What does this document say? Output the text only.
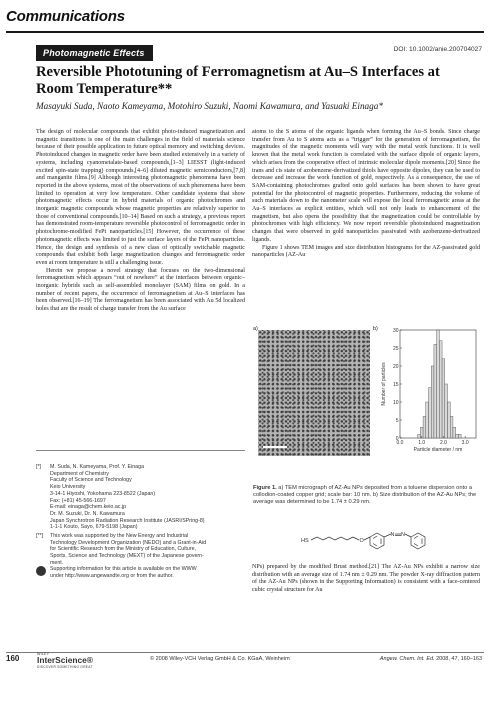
Communications
Photomagnetic Effects	DOI: 10.1002/anie.200704027
Reversible Phototuning of Ferromagnetism at Au–S Interfaces at
Room Temperature**
Masayuki Suda, Naoto Kameyama, Motohiro Suzuki, Naomi Kawamura, and Yasuaki Einaga*

The design of molecular compounds that exhibit photo-induced magnetization and magnetic transitions is one of the main challenges in the field of materials science because of their possible application to future optical memory and switching devices. Photoinduced changes in magnetic order have been studied extensively in a variety of systems, including cyanometalate-based compounds,[1–3] LIESST (light-induced excited spin-state trapping) compounds,[4–6] diluted magnetic semiconductors,[7,8] and manganite films.[9] Although interesting photomagnetic phenomena have been reported in the above systems, most of the observations of such phenomena have been limited to operation at very low temperature. Other candidate systems that show photomagnetic effects occur in hybrid materials of organic photochromes and inorganic magnetic compounds whose magnetic properties are relatively superior to those of conventional compounds.[10–14] Based on such a strategy, a previous report has demonstrated room-temperature reversible photocontrol of ferromagnetic order in photochrome-modified FePt nanoparticles.[15] However, the occurrence of these photomagnetic effects was limited to just the surface layers of the FePt nanoparticles. Hence, the design and synthesis of a new class of optically switchable magnetic compounds that exhibit both large magnetization changes and ferromagnetic order even at room temperature is still a challenging issue.

Herein we propose a novel strategy that focuses on the two-dimensional ferromagnetism which appears “out of nowhere” at the interfaces between organic–inorganic hybrids such as self-assembled monolayer (SAM) films on gold. In a number of recent papers, the occurrence of ferromagnetism at Au–S interfaces has been observed.[16–19] The ferromagnetism has been associated with Au 5d localized holes that are the result of charge transfer from the Au surface

atoms to the S atoms of the organic ligands when forming the Au–S bonds. Since charge transfer from Au to S atoms acts as a “trigger” for the generation of ferromagnetism, the magnitudes of the magnetic moments will vary with the metal work functions. It is well known that the metal work function is correlated with the surface dipole of organic layers, which arises from the cooperative effect of intrinsic molecular dipole moments.[20] Since the trans and cis state of azobenzene-derivatized thiols have opposite dipoles, they can be used to decrease and increase the work function of gold, respectively. As a consequence, the use of SAM-containing photochromes grafted onto gold surfaces has been shown to have great potential for the photocontrol of magnetic properties. Furthermore, reducing the volume of such materials down to the nanometer scale will expose the local ferromagnetic areas at the Au–S interfaces as explicit entities, which will not only leads to enhancement of the magnetism, but also opens the possibility that the magnetization could be controllable by photochromes with high efficiency. We now report reversible photoinduced magnetization changes that were observed in gold nanoparticles passivated with azobenzene-derivatized ligands.

Figure 1 shows TEM images and size distribution histograms for the AZ-passivated gold nanoparticles (AZ-Au

a)	b)
0
5
10
15
20
25
30
0.0	1.0	2.0	3.0
Particle diameter / nm
Number of particles
Figure 1. a) TEM micrograph of AZ-Au NPs deposited from a toluene dispersion onto a collodion-coated copper grid; scale bar: 10 nm. b) Size distribution of the AZ-Au NPs; the average was determined to be 1.74 ± 0.29 nm.
HS	O
N N

NPs) prepared by the modified Brust method.[21] The AZ-Au NPs exhibit a narrow size distribution with an average size of 1.74 nm ± 0.29 nm. The powder X-ray diffraction pattern of the AZ-Au NPs (shown in the Supporting Information) is consistent with a face-centered cubic crystal structure for Au

[*] M. Suda, N. Kameyama, Prof. Y. Einaga
Department of Chemistry
Faculty of Science and Technology
Keio University
3-14-1 Hiyoshi, Yokohama 223-8522 (Japan)
Fax: (+81) 45-566-1697
E-mail: einaga@chem.keio.ac.jp
Dr. M. Suzuki, Dr. N. Kawamura
Japan Synchrotron Radiation Research Institute (JASRI/SPring-8)
1-1-1 Kouto, Sayo, 679-5198 (Japan)
[**] This work was supported by the New Energy and Industrial
Technology Development Organization (NEDO) and a Grant-in-Aid
for Scientific Research from the Ministry of Education, Culture,
Sports, Science and Technology (MEXT) of the Japanese govern-
ment.
Supporting information for this article is available on the WWW
under http://www.angewandte.org or from the author.
160	WILEY
InterScience®
DISCOVER SOMETHING GREAT
© 2008 Wiley-VCH Verlag GmbH & Co. KGaA, Weinheim	Angew. Chem. Int. Ed. 2008, 47, 160–163
